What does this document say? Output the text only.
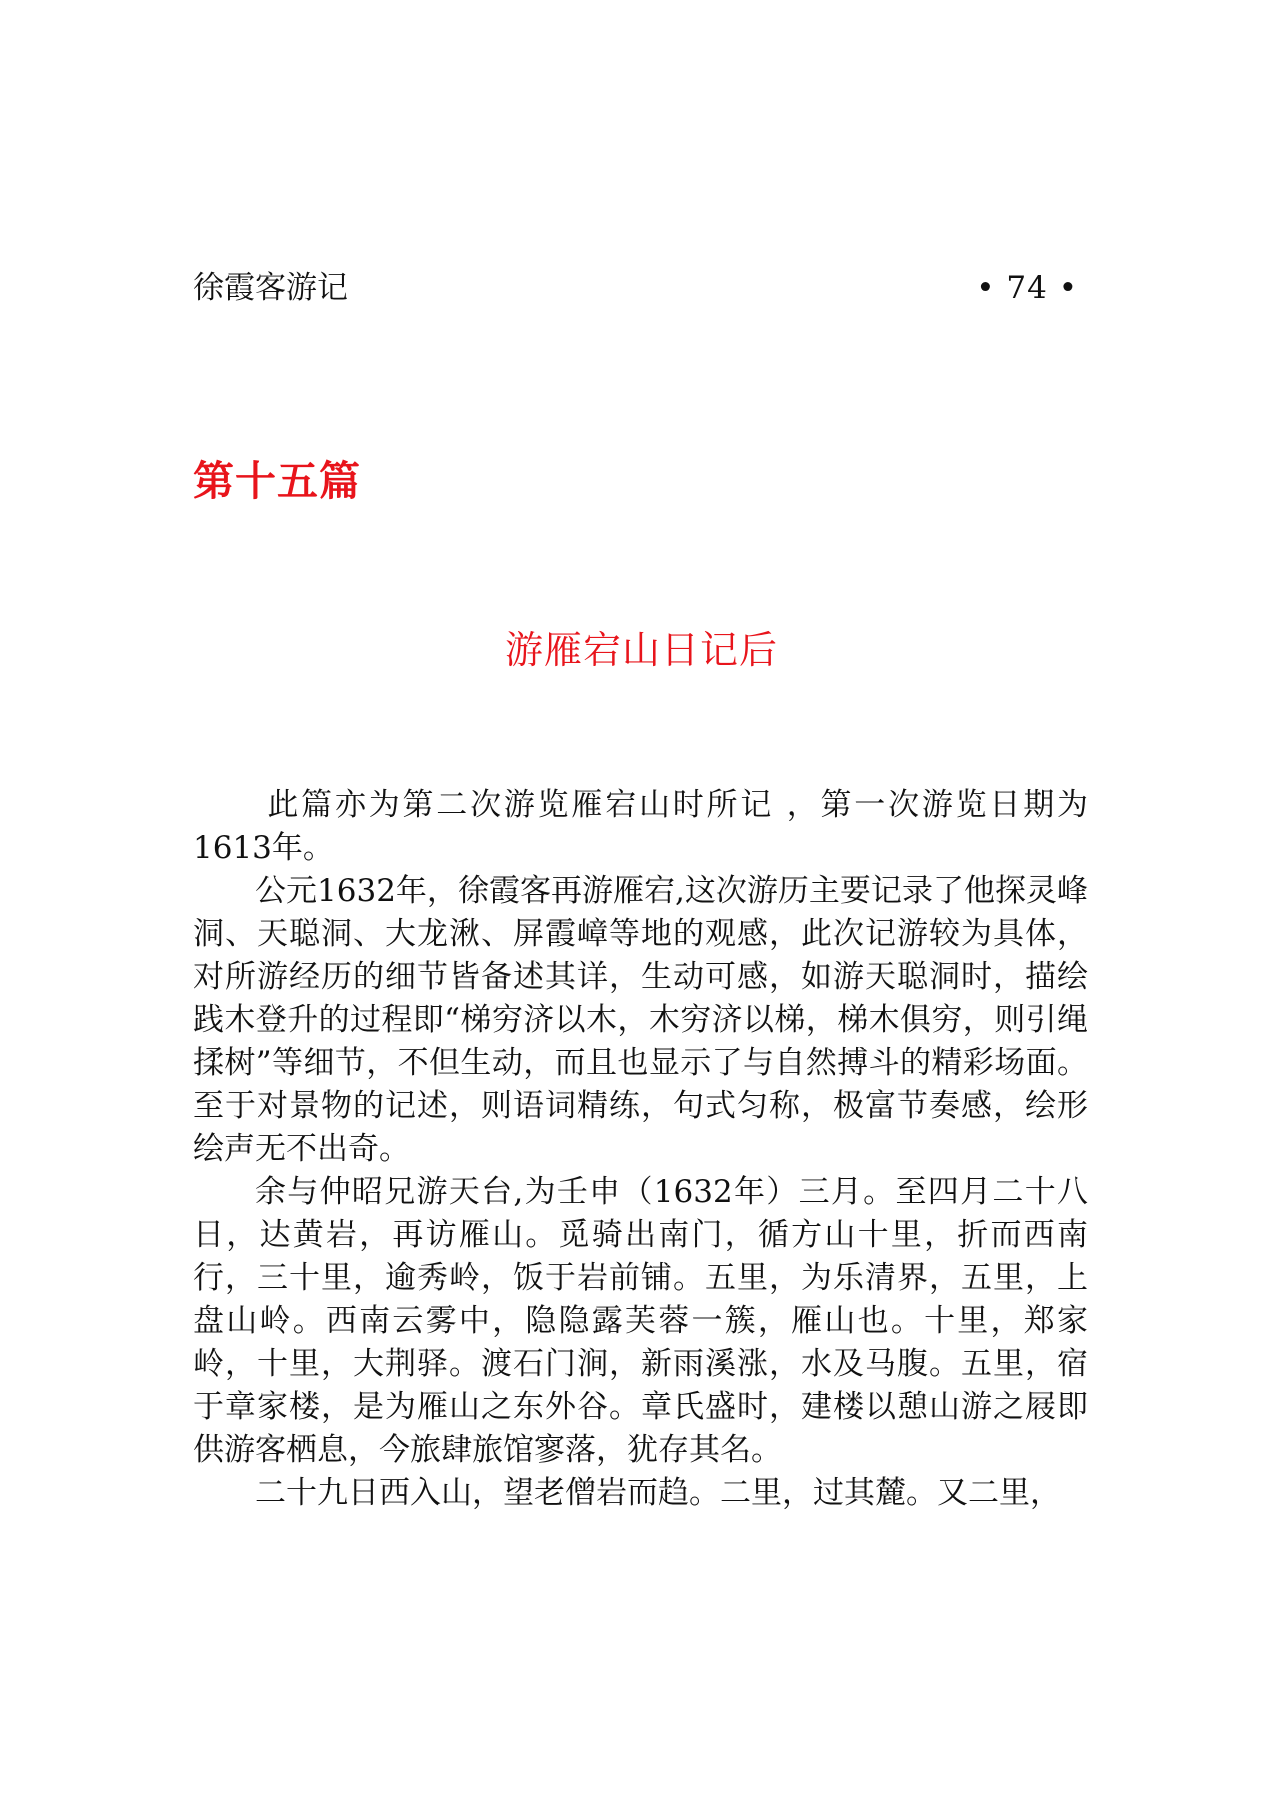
徐霞客游记	• 74 •
第十五篇
游雁宕山日记后

此篇亦为第二次游览雁宕山时所记 ，第一次游览日期为1613年。

公元1632年，徐霞客再游雁宕,这次游历主要记录了他探灵峰洞、天聪洞、大龙湫、屏霞嶂等地的观感，此次记游较为具体，对所游经历的细节皆备述其详，生动可感，如游天聪洞时，描绘践木登升的过程即“梯穷济以木，木穷济以梯，梯木俱穷，则引绳揉树”等细节，不但生动，而且也显示了与自然搏斗的精彩场面。至于对景物的记述，则语词精练，句式匀称，极富节奏感，绘形绘声无不出奇。

余与仲昭兄游天台,为壬申（1632年）三月。至四月二十八日，达黄岩，再访雁山。觅骑出南门，循方山十里，折而西南行，三十里，逾秀岭，饭于岩前铺。五里，为乐清界，五里，上盘山岭。西南云雾中，隐隐露芙蓉一簇，雁山也。十里，郑家岭，十里，大荆驿。渡石门涧，新雨溪涨，水及马腹。五里，宿于章家楼，是为雁山之东外谷。章氏盛时，建楼以憩山游之屐即供游客栖息，今旅肆旅馆寥落，犹存其名。

二十九日西入山，望老僧岩而趋。二里，过其麓。又二里，
